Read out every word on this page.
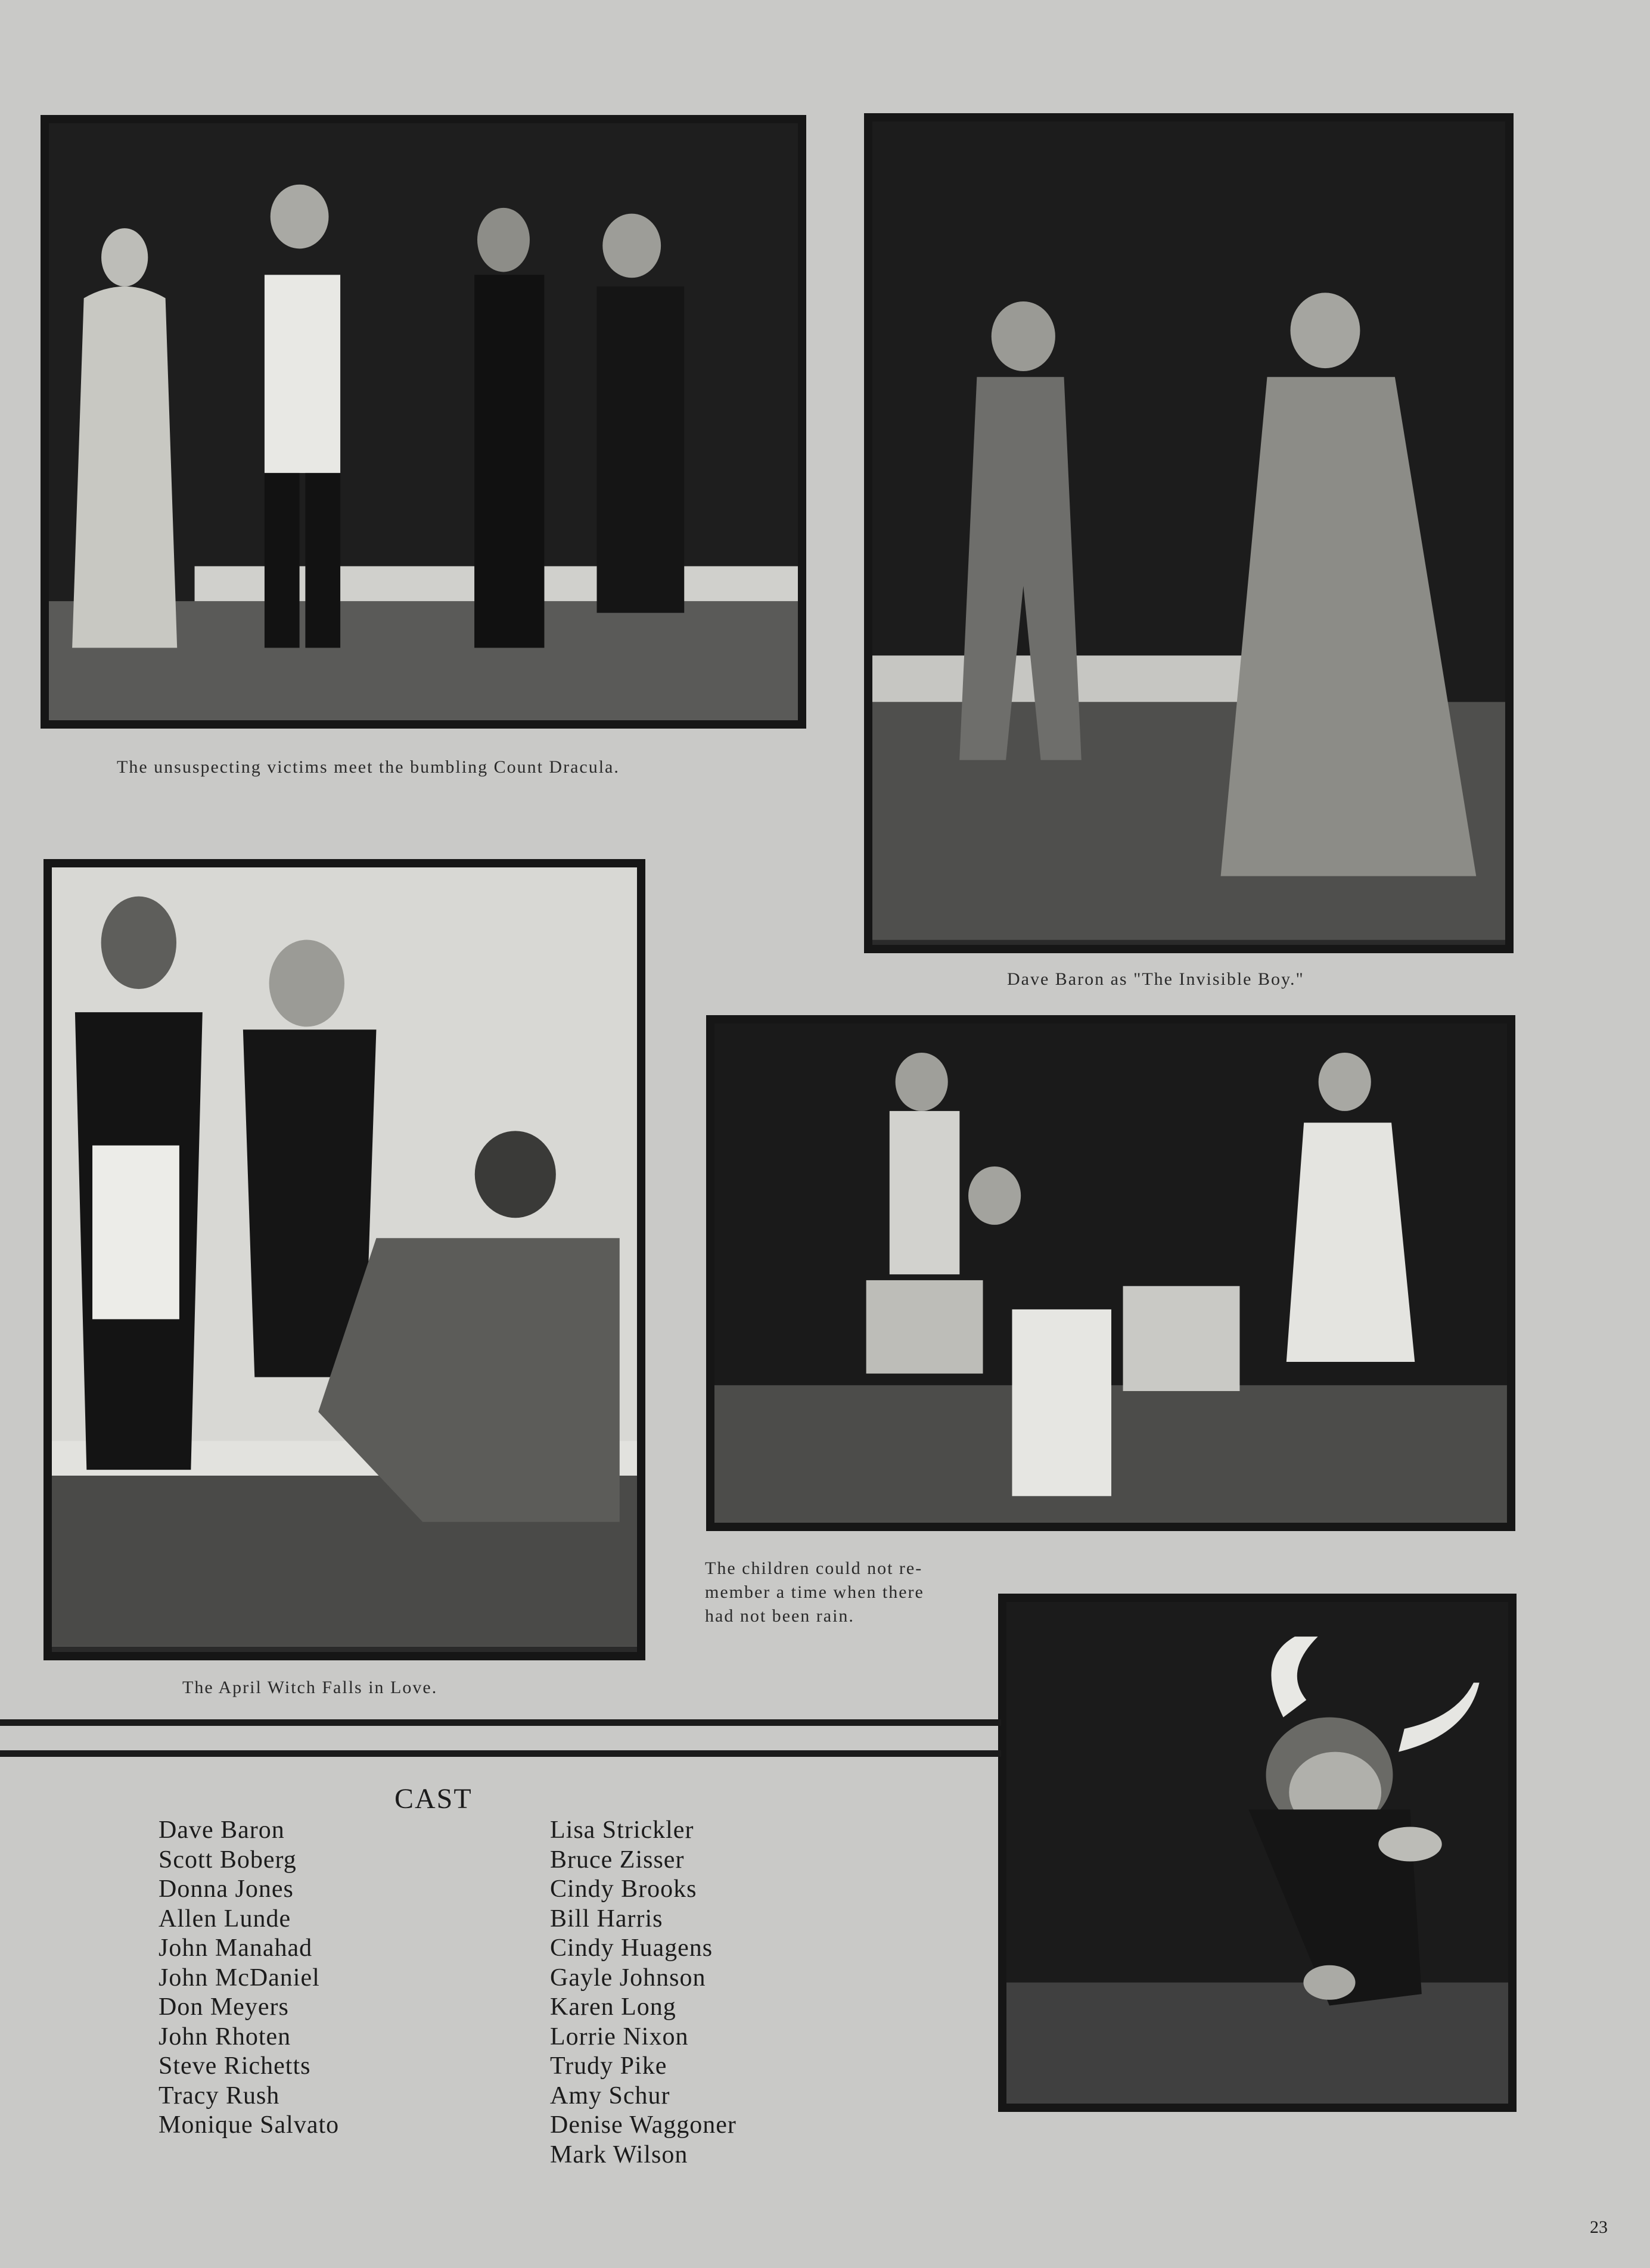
The unsuspecting victims meet the bumbling Count Dracula.
Dave Baron as "The Invisible Boy."
The April Witch Falls in Love.
The children could not re-
member a time when there
had not been rain.
CAST
Dave Baron
Scott Boberg
Donna Jones
Allen Lunde
John Manahad
John McDaniel
Don Meyers
John Rhoten
Steve Richetts
Tracy Rush
Monique Salvato
Lisa Strickler
Bruce Zisser
Cindy Brooks
Bill Harris
Cindy Huagens
Gayle Johnson
Karen Long
Lorrie Nixon
Trudy Pike
Amy Schur
Denise Waggoner
Mark Wilson
23
